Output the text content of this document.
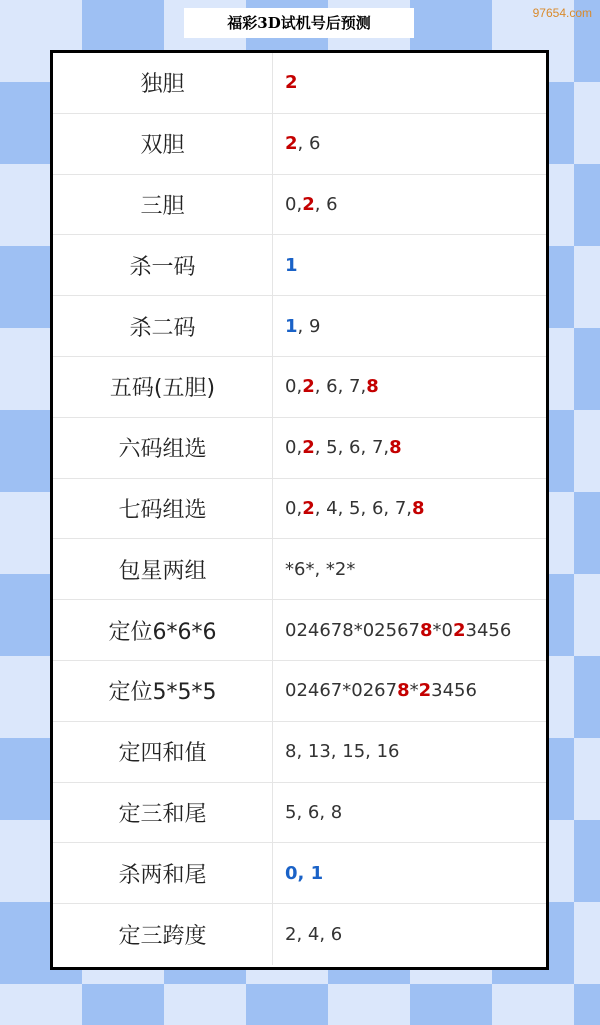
97654.com
福彩3D试机号后预测
独胆	2
双胆	2 , 6
三胆	0, 2 , 6
杀一码	1
杀二码	1 , 9
五码(五胆)	0, 2 , 6, 7, 8
六码组选	0, 2 , 5, 6, 7, 8
七码组选	0, 2 , 4, 5, 6, 7, 8
包星两组	*6*, *2*
定位6*6*6	024678*02567 8 *0 2 3456
定位5*5*5	02467*0267 8 * 2 3456
定四和值	8, 13, 15, 16
定三和尾	5, 6, 8
杀两和尾	0, 1
定三跨度	2, 4, 6
